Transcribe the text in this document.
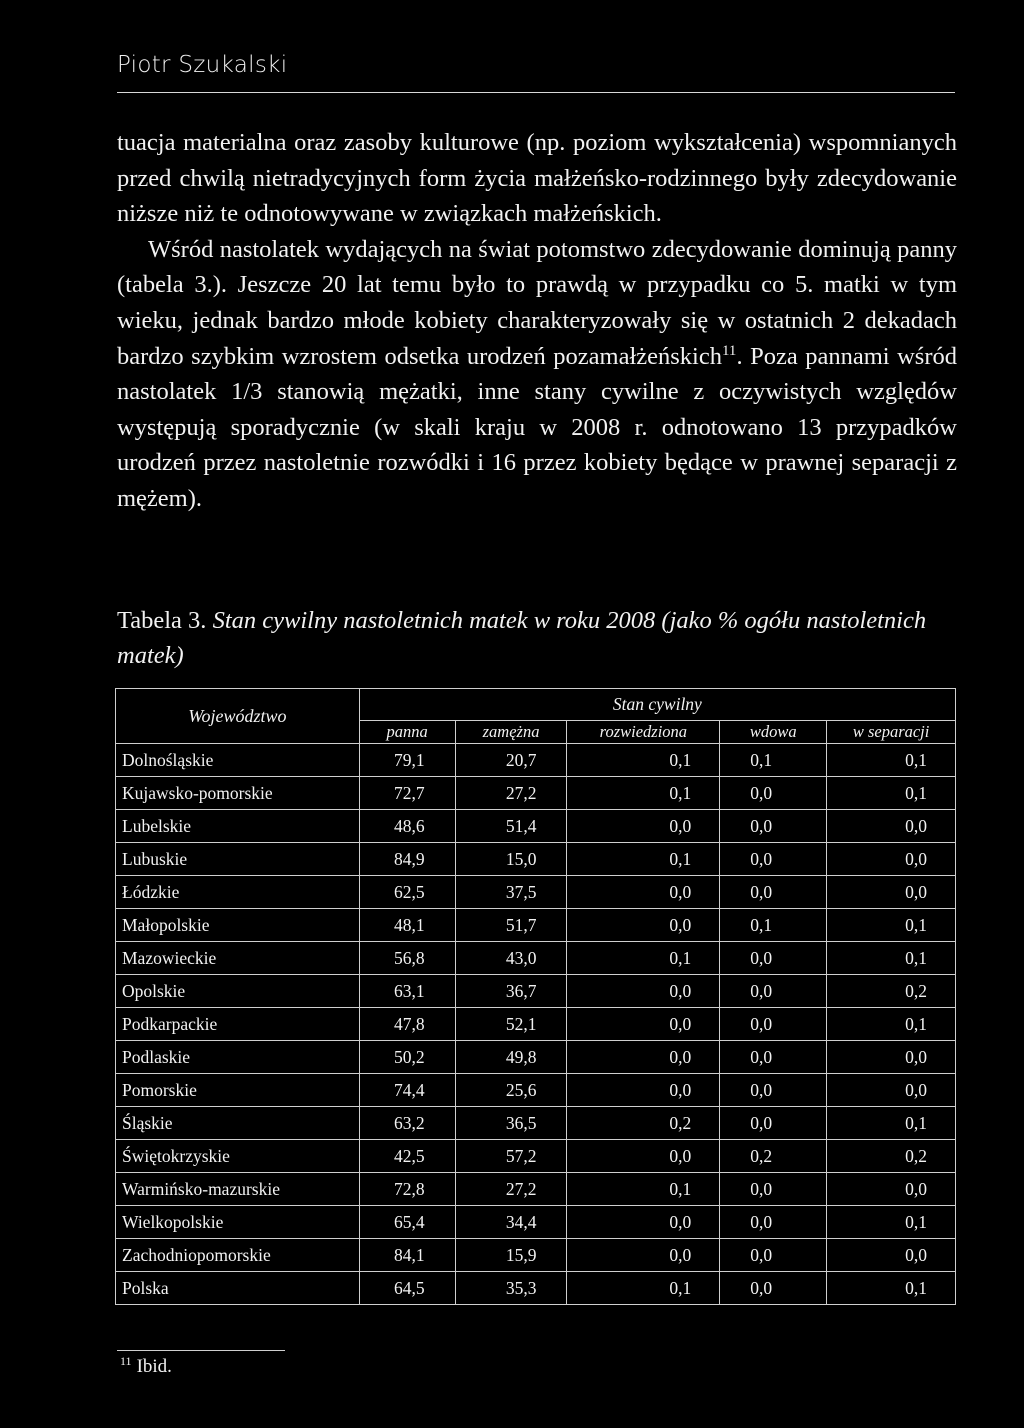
Piotr Szukalski

tuacja materialna oraz zasoby kulturowe (np. poziom wykształcenia) wspomnianych przed chwilą nietradycyjnych form życia małżeńsko-rodzinnego były zdecydowanie niższe niż te odnotowywane w związkach małżeńskich.

Wśród nastolatek wydających na świat potomstwo zdecydowanie dominują panny (tabela 3.). Jeszcze 20 lat temu było to prawdą w przypadku co 5. matki w tym wieku, jednak bardzo młode kobiety charakteryzowały się w ostatnich 2 dekadach bardzo szybkim wzrostem odsetka urodzeń pozamałżeńskich$^{11}$. Poza pannami wśród nastolatek 1/3 stanowią mężatki, inne stany cywilne z oczywistych względów występują sporadycznie (w skali kraju w 2008 r. odnotowano 13 przypadków urodzeń przez nastoletnie rozwódki i 16 przez kobiety będące w prawnej separacji z mężem).

Tabela 3. Stan cywilny nastoletnich matek w roku 2008 (jako % ogółu nastoletnich matek)
Województwo	Stan cywilny				
	panna	zamężna	rozwiedziona	wdowa	w separacji
Dolnośląskie	79,1	20,7	0,1	0,1	0,1
Kujawsko-pomorskie	72,7	27,2	0,1	0,0	0,1
Lubelskie	48,6	51,4	0,0	0,0	0,0
Lubuskie	84,9	15,0	0,1	0,0	0,0
Łódzkie	62,5	37,5	0,0	0,0	0,0
Małopolskie	48,1	51,7	0,0	0,1	0,1
Mazowieckie	56,8	43,0	0,1	0,0	0,1
Opolskie	63,1	36,7	0,0	0,0	0,2
Podkarpackie	47,8	52,1	0,0	0,0	0,1
Podlaskie	50,2	49,8	0,0	0,0	0,0
Pomorskie	74,4	25,6	0,0	0,0	0,0
Śląskie	63,2	36,5	0,2	0,0	0,1
Świętokrzyskie	42,5	57,2	0,0	0,2	0,2
Warmińsko-mazurskie	72,8	27,2	0,1	0,0	0,0
Wielkopolskie	65,4	34,4	0,0	0,0	0,1
Zachodniopomorskie	84,1	15,9	0,0	0,0	0,0
Polska	64,5	35,3	0,1	0,0	0,1
$^{11}$ Ibid.
